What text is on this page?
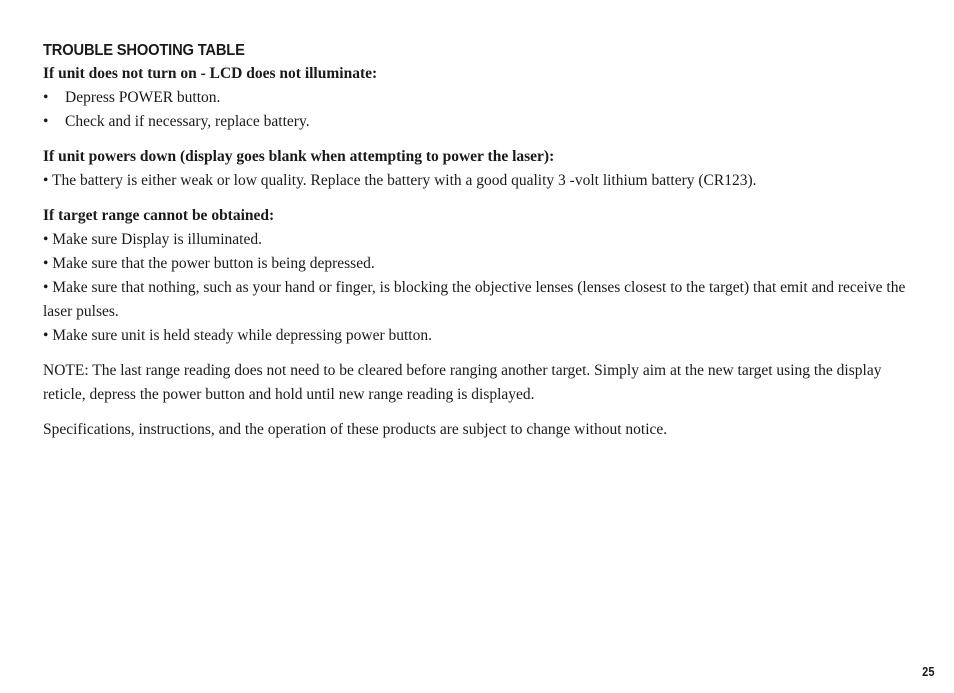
TROUBLE SHOOTING TABLE

If unit does not turn on - LCD does not illuminate:

• Depress POWER button.
• Check and if necessary, replace battery.

If unit powers down (display goes blank when attempting to power the laser):

• The battery is either weak or low quality. Replace the battery with a good quality 3 -volt lithium battery (CR123).

If target range cannot be obtained:

• Make sure Display is illuminated.

• Make sure that the power button is being depressed.

• Make sure that nothing, such as your hand or finger, is blocking the objective lenses (lenses closest to the target) that emit and receive the laser pulses.

• Make sure unit is held steady while depressing power button.

NOTE: The last range reading does not need to be cleared before ranging another target. Simply aim at the new target using the display reticle, depress the power button and hold until new range reading is displayed.

Specifications, instructions, and the operation of these products are subject to change without notice.

25
